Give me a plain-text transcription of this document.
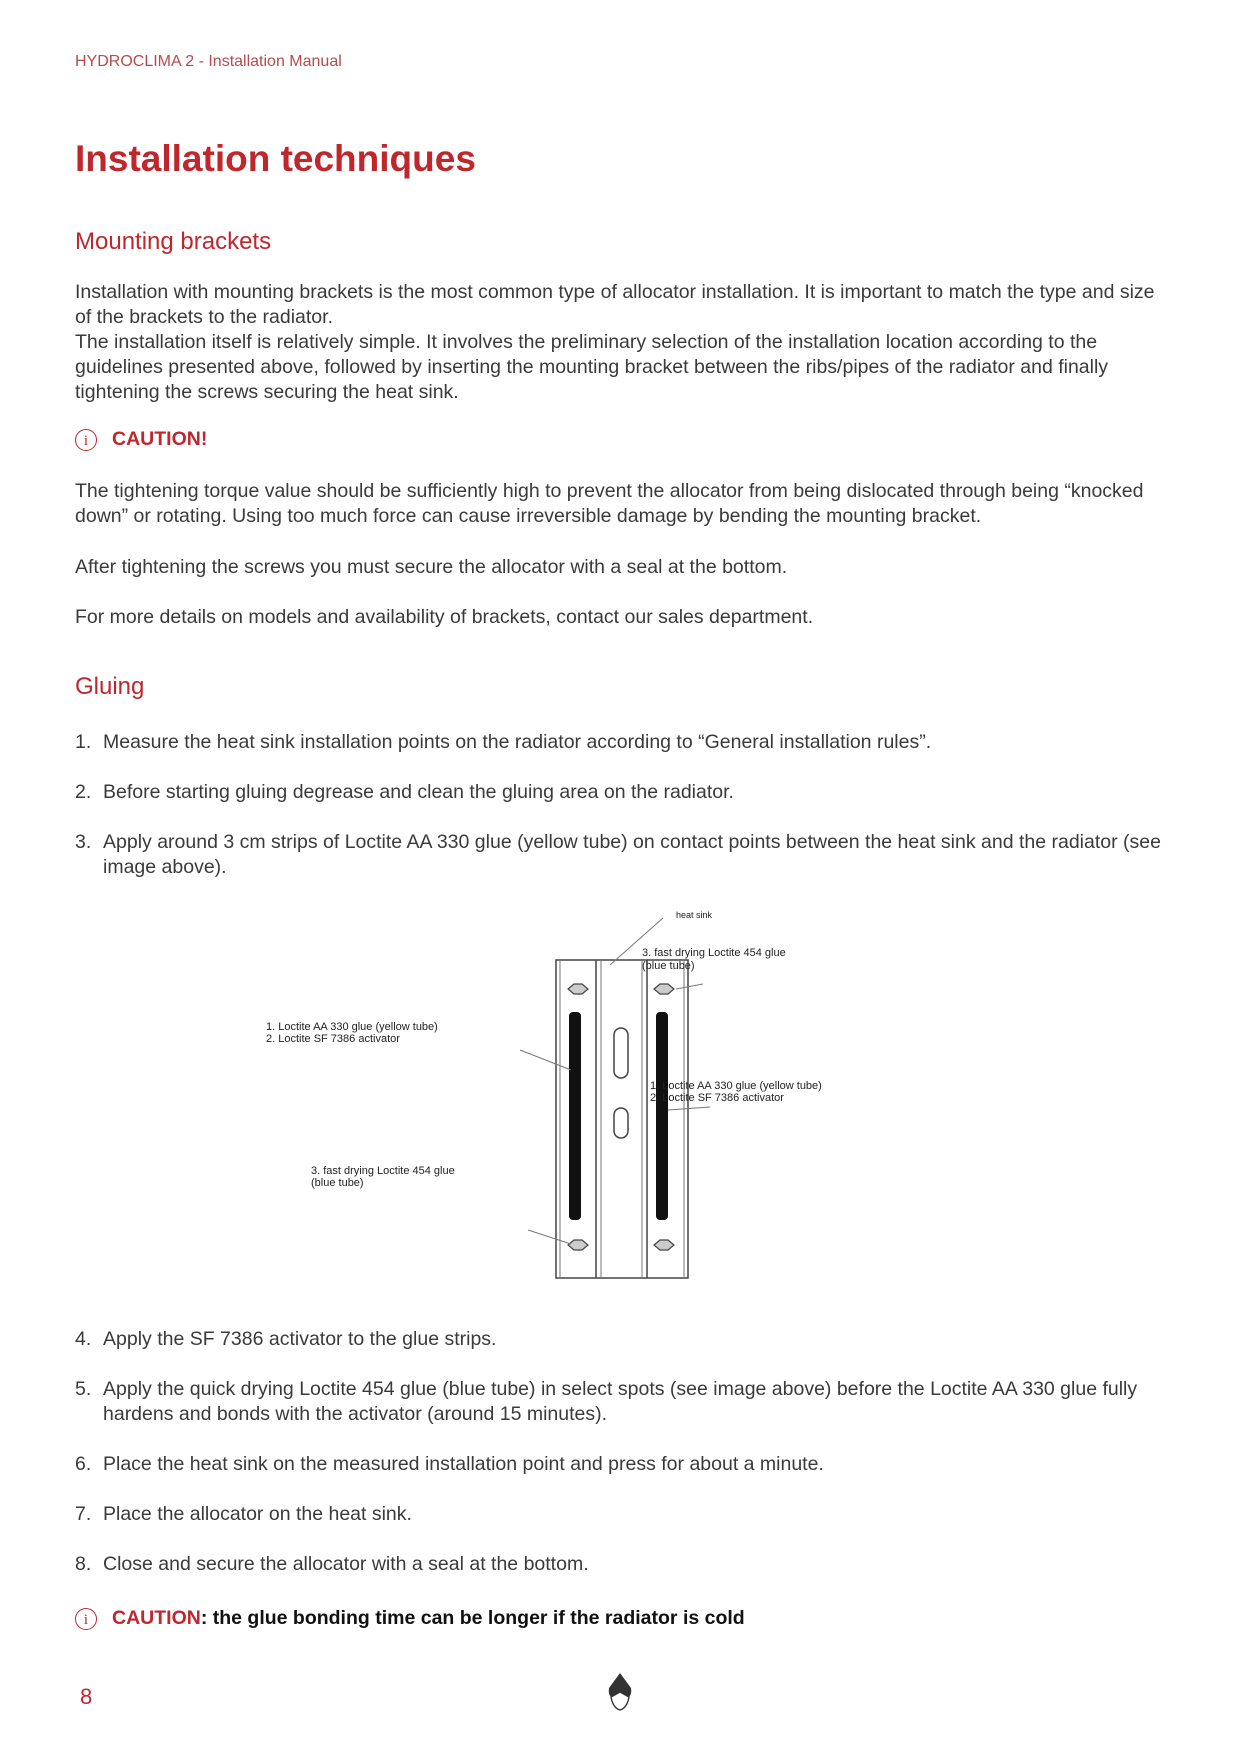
HYDROCLIMA 2 - Installation Manual
Installation techniques
Mounting brackets

Installation with mounting brackets is the most common type of allocator installation. It is important to match the type and size of the brackets to the radiator.

The installation itself is relatively simple. It involves the preliminary selection of the installation location according to the guidelines presented above, followed by inserting the mounting bracket between the ribs/pipes of the radiator and finally tightening the screws securing the heat sink.

i	CAUTION!

The tightening torque value should be sufficiently high to prevent the allocator from being dislocated through being “knocked down” or rotating. Using too much force can cause irreversible damage by bending the mounting bracket.

After tightening the screws you must secure the allocator with a seal at the bottom.

For more details on models and availability of brackets, contact our sales department.

Gluing
1. Measure the heat sink installation points on the radiator according to “General installation rules”.
2. Before starting gluing degrease and clean the gluing area on the radiator.
3. Apply around 3 cm strips of Loctite AA 330 glue (yellow tube) on contact points between the heat sink and the radiator (see image above).
4. Apply the SF 7386 activator to the glue strips.
5. Apply the quick drying Loctite 454 glue (blue tube) in select spots (see image above) before the Loctite AA 330 glue fully hardens and bonds with the activator (around 15 minutes).
6. Place the heat sink on the measured installation point and press for about a minute.
7. Place the allocator on the heat sink.
8. Close and secure the allocator with a seal at the bottom.
i	CAUTION : the glue bonding time can be longer if the radiator is cold
heat sink
3. fast drying Loctite 454 glue
(blue tube)
1. Loctite AA 330 glue (yellow tube)
2. Loctite SF 7386 activator
1. Loctite AA 330 glue (yellow tube)
2. Loctite SF 7386 activator
3. fast drying Loctite 454 glue
(blue tube)
8
